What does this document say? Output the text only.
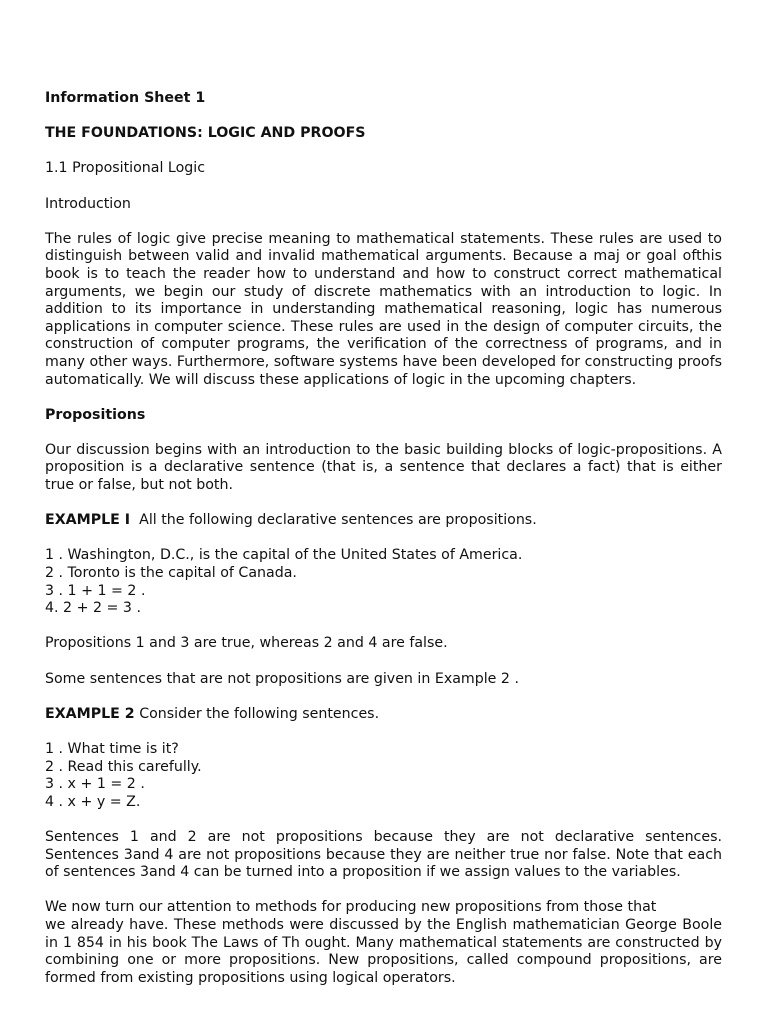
Information Sheet 1
THE FOUNDATIONS: LOGIC AND PROOFS
1.1 Propositional Logic
Introduction
The rules of logic give precise meaning to mathematical statements. These rules are used to distinguish between valid and invalid mathematical arguments. Because a maj or goal ofthis book is to teach the reader how to understand and how to construct correct mathematical arguments, we begin our study of discrete mathematics with an introduction to logic. In addition to its importance in understanding mathematical reasoning, logic has numerous applications in computer science. These rules are used in the design of computer circuits, the construction of computer programs, the verification of the correctness of programs, and in many other ways. Furthermore, software systems have been developed for constructing proofs automatically. We will discuss these applications of logic in the upcoming chapters.
Propositions
Our discussion begins with an introduction to the basic building blocks of logic-propositions. A proposition is a declarative sentence (that is, a sentence that declares a fact) that is either true or false, but not both.
EXAMPLE I All the following declarative sentences are propositions.
1 . Washington, D.C., is the capital of the United States of America.
2 . Toronto is the capital of Canada.
3 . 1 + 1 = 2 .
4. 2 + 2 = 3 .
Propositions 1 and 3 are true, whereas 2 and 4 are false.
Some sentences that are not propositions are given in Example 2 .
EXAMPLE 2 Consider the following sentences.
1 . What time is it?
2 . Read this carefully.
3 . x + 1 = 2 .
4 . x + y = Z.
Sentences 1 and 2 are not propositions because they are not declarative sentences. Sentences 3and 4 are not propositions because they are neither true nor false. Note that each of sentences 3and 4 can be turned into a proposition if we assign values to the variables.
We now turn our attention to methods for producing new propositions from those that
we already have. These methods were discussed by the English mathematician George Boole in 1 854 in his book The Laws of Th ought. Many mathematical statements are constructed by combining one or more propositions. New propositions, called compound propositions, are formed from existing propositions using logical operators.
